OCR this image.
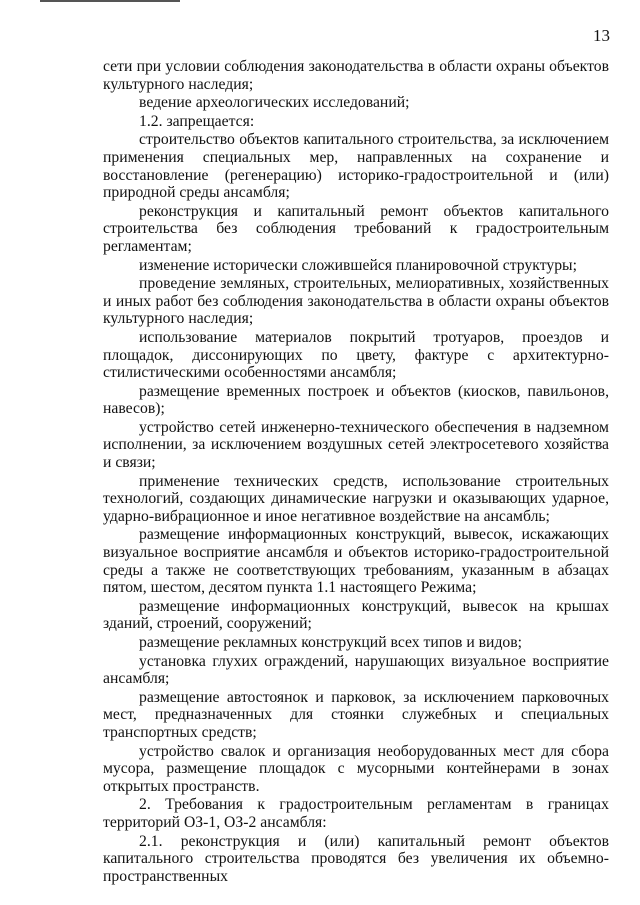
13

сети при условии соблюдения законодательства в области охраны объектов культурного наследия;

ведение археологических исследований;

1.2. запрещается:

строительство объектов капитального строительства, за исключением применения специальных мер, направленных на сохранение и восстановление (регенерацию) историко-градостроительной и (или) природной среды ансамбля;

реконструкция и капитальный ремонт объектов капитального строительства без соблюдения требований к градостроительным регламентам;

изменение исторически сложившейся планировочной структуры;

проведение земляных, строительных, мелиоративных, хозяйственных и иных работ без соблюдения законодательства в области охраны объектов культурного наследия;

использование материалов покрытий тротуаров, проездов и площадок, диссонирующих по цвету, фактуре с архитектурно-стилистическими особенностями ансамбля;

размещение временных построек и объектов (киосков, павильонов, навесов);

устройство сетей инженерно-технического обеспечения в надземном исполнении, за исключением воздушных сетей электросетевого хозяйства и связи;

применение технических средств, использование строительных технологий, создающих динамические нагрузки и оказывающих ударное, ударно-вибрационное и иное негативное воздействие на ансамбль;

размещение информационных конструкций, вывесок, искажающих визуальное восприятие ансамбля и объектов историко-градостроительной среды а также не соответствующих требованиям, указанным в абзацах пятом, шестом, десятом пункта 1.1 настоящего Режима;

размещение информационных конструкций, вывесок на крышах зданий, строений, сооружений;

размещение рекламных конструкций всех типов и видов;

установка глухих ограждений, нарушающих визуальное восприятие ансамбля;

размещение автостоянок и парковок, за исключением парковочных мест, предназначенных для стоянки служебных и специальных транспортных средств;

устройство свалок и организация необорудованных мест для сбора мусора, размещение площадок с мусорными контейнерами в зонах открытых пространств.

2. Требования к градостроительным регламентам в границах территорий ОЗ-1, ОЗ-2 ансамбля:

2.1. реконструкция и (или) капитальный ремонт объектов капитального строительства проводятся без увеличения их объемно-пространственных
